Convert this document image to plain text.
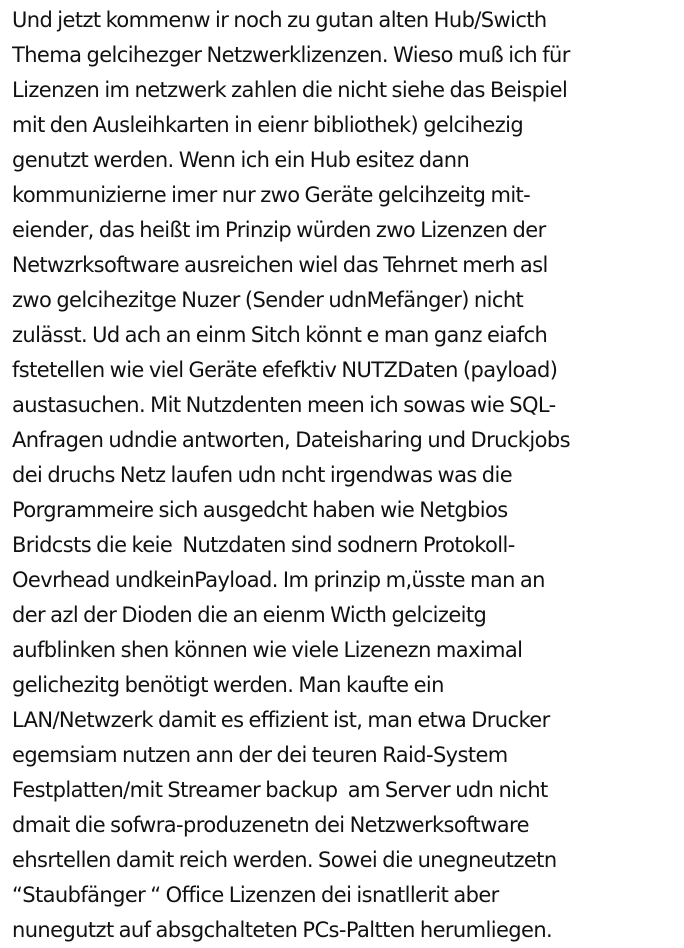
Und jetzt kommenw ir noch zu gutan alten Hub/Swicth
Thema gelcihezger Netzwerklizenzen. Wieso muß ich für
Lizenzen im netzwerk zahlen die nicht siehe das Beispiel
mit den Ausleihkarten in eienr bibliothek) gelcihezig
genutzt werden. Wenn ich ein Hub esitez dann
kommunizierne imer nur zwo Geräte gelcihzeitg mit-
eiender, das heißt im Prinzip würden zwo Lizenzen der
Netwzrksoftware ausreichen wiel das Tehrnet merh asl
zwo gelcihezitge Nuzer (Sender udnMefänger) nicht
zulässt. Ud ach an einm Sitch könnt e man ganz eiafch
fstetellen wie viel Geräte efefktiv NUTZDaten (payload)
austasuchen. Mit Nutzdenten meen ich sowas wie SQL-
Anfragen udndie antworten, Dateisharing und Druckjobs
dei druchs Netz laufen udn ncht irgendwas was die
Porgrammeire sich ausgedcht haben wie Netgbios
Bridcsts die keie  Nutzdaten sind sodnern Protokoll-
Oevrhead undkeinPayload. Im prinzip m,üsste man an
der azl der Dioden die an eienm Wicth gelcizeitg
aufblinken shen können wie viele Lizenezn maximal
gelichezitg benötigt werden. Man kaufte ein
LAN/Netwzerk damit es effizient ist, man etwa Drucker
egemsiam nutzen ann der dei teuren Raid-System
Festplatten/mit Streamer backup  am Server udn nicht
dmait die sofwra-produzenetn dei Netzwerksoftware
ehsrtellen damit reich werden. Sowei die unegneutzetn
“Staubfänger “ Office Lizenzen dei isnatllerit aber
nunegutzt auf absgchalteten PCs-Paltten herumliegen.
